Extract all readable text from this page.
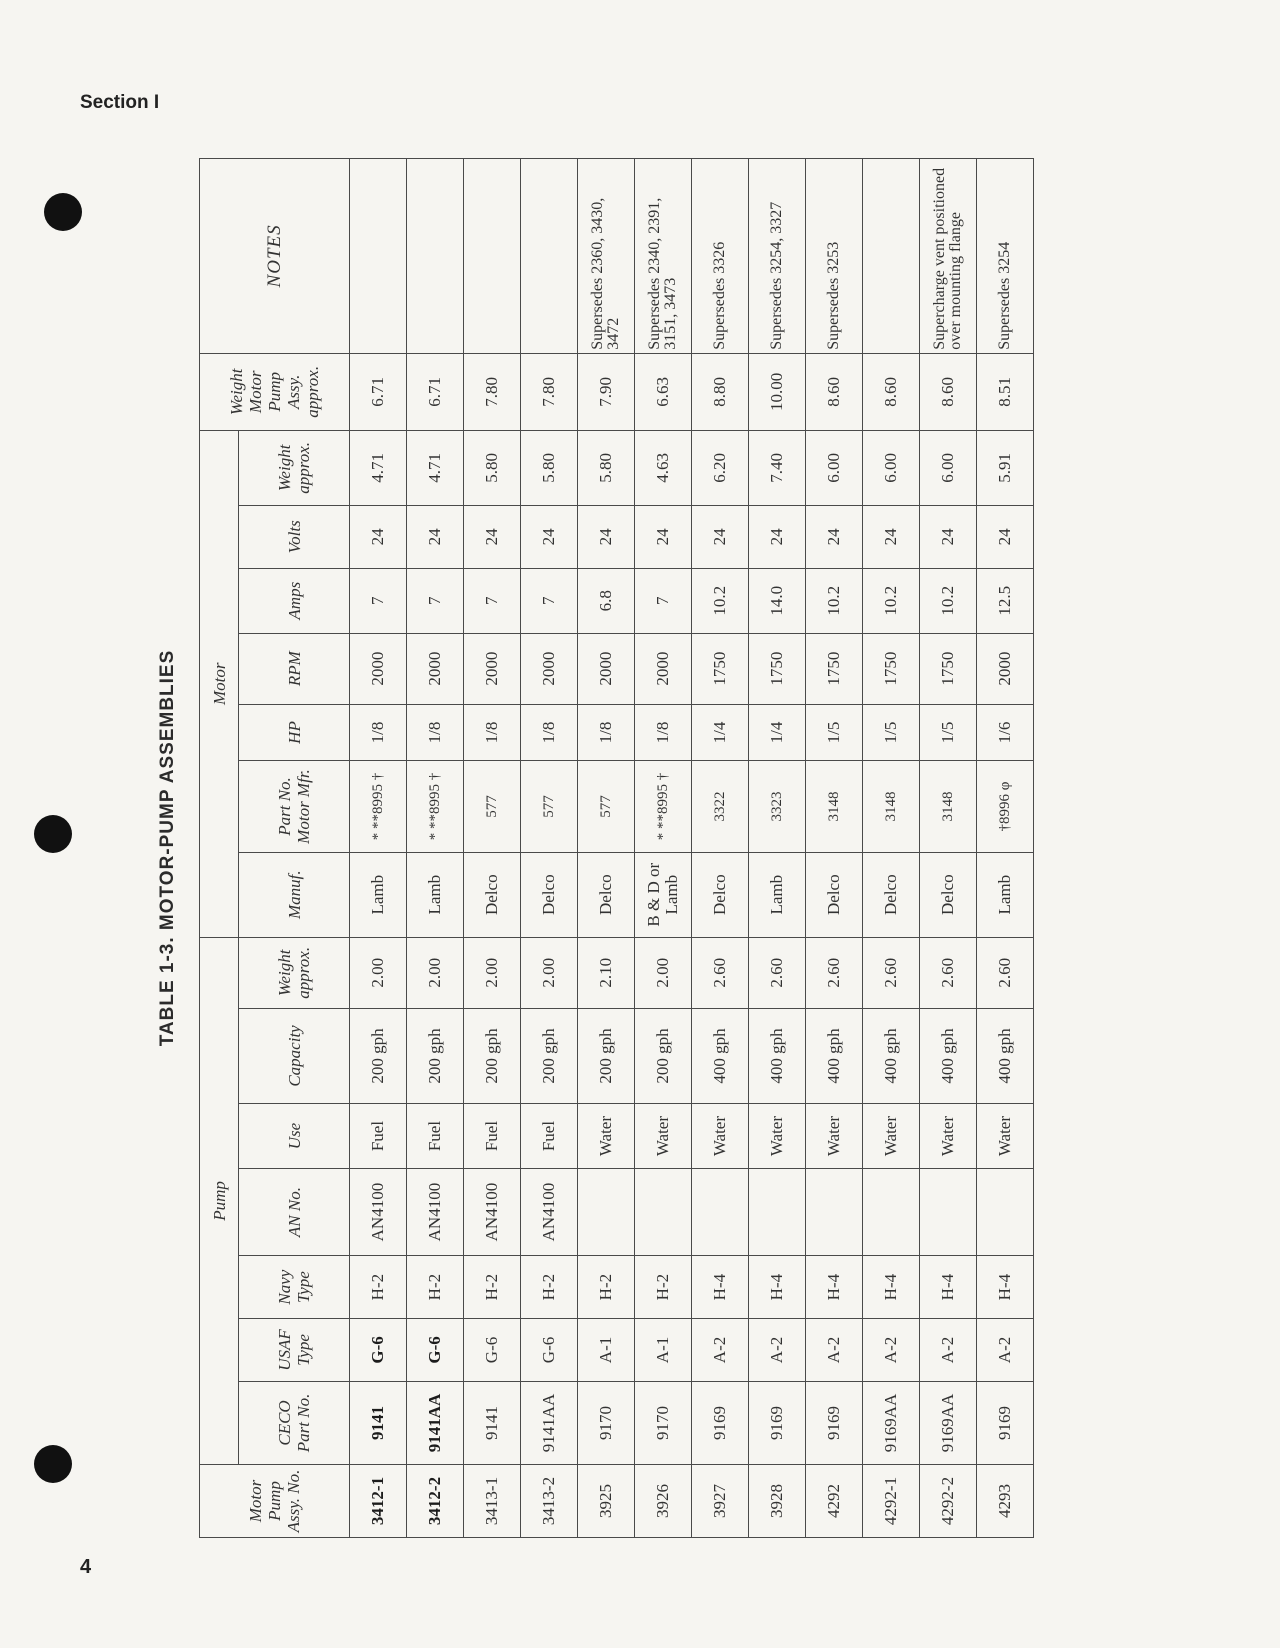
Section I
TABLE 1-3. MOTOR-PUMP ASSEMBLIES
Motor Pump Assy. No.	Pump							Motor							Weight Motor Pump Assy. approx.	NOTES
	CECO Part No.	USAF Type	Navy Type	AN No.	Use	Capacity	Weight approx.	Manuf.	Part No. Motor Mfr.	HP	RPM	Amps	Volts	Weight approx.		
3412-1	9141	G-6	H-2	AN4100	Fuel	200 gph	2.00	Lamb	* **8995 †	1/8	2000	7	24	4.71	6.71	
3412-2	9141AA	G-6	H-2	AN4100	Fuel	200 gph	2.00	Lamb	* **8995 †	1/8	2000	7	24	4.71	6.71	
3413-1	9141	G-6	H-2	AN4100	Fuel	200 gph	2.00	Delco	577	1/8	2000	7	24	5.80	7.80	
3413-2	9141AA	G-6	H-2	AN4100	Fuel	200 gph	2.00	Delco	577	1/8	2000	7	24	5.80	7.80	
3925	9170	A-1	H-2		Water	200 gph	2.10	Delco	577	1/8	2000	6.8	24	5.80	7.90	Supersedes 2360, 3430, 3472
3926	9170	A-1	H-2		Water	200 gph	2.00	B & D or Lamb	* **8995 †	1/8	2000	7	24	4.63	6.63	Supersedes 2340, 2391, 3151, 3473
3927	9169	A-2	H-4		Water	400 gph	2.60	Delco	3322	1/4	1750	10.2	24	6.20	8.80	Supersedes 3326
3928	9169	A-2	H-4		Water	400 gph	2.60	Lamb	3323	1/4	1750	14.0	24	7.40	10.00	Supersedes 3254, 3327
4292	9169	A-2	H-4		Water	400 gph	2.60	Delco	3148	1/5	1750	10.2	24	6.00	8.60	Supersedes 3253
4292-1	9169AA	A-2	H-4		Water	400 gph	2.60	Delco	3148	1/5	1750	10.2	24	6.00	8.60	
4292-2	9169AA	A-2	H-4		Water	400 gph	2.60	Delco	3148	1/5	1750	10.2	24	6.00	8.60	Supercharge vent positioned over mounting flange
4293	9169	A-2	H-4		Water	400 gph	2.60	Lamb	†8996 φ	1/6	2000	12.5	24	5.91	8.51	Supersedes 3254
4
